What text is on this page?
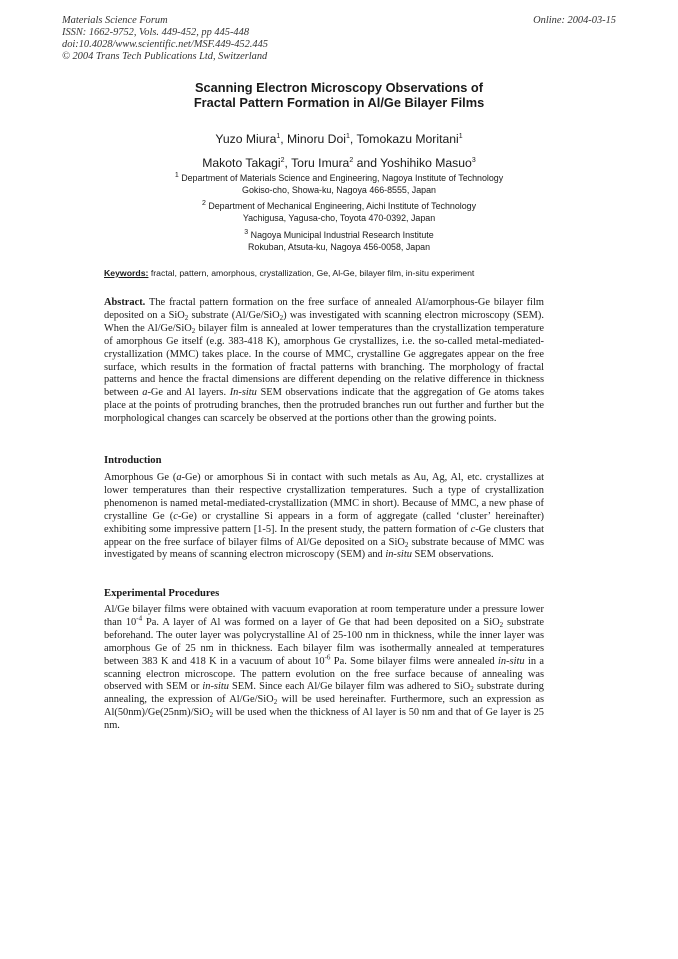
Materials Science Forum
ISSN: 1662-9752, Vols. 449-452, pp 445-448
doi:10.4028/www.scientific.net/MSF.449-452.445
© 2004 Trans Tech Publications Ltd, Switzerland
Online: 2004-03-15
Scanning Electron Microscopy Observations of
Fractal Pattern Formation in Al/Ge Bilayer Films
Yuzo Miura$^1$, Minoru Doi$^1$, Tomokazu Moritani$^1$
Makoto Takagi$^2$, Toru Imura$^2$ and Yoshihiko Masuo$^3$
$^1$ Department of Materials Science and Engineering, Nagoya Institute of Technology
Gokiso-cho, Showa-ku, Nagoya 466-8555, Japan
$^2$ Department of Mechanical Engineering, Aichi Institute of Technology
Yachigusa, Yagusa-cho, Toyota 470-0392, Japan
$^3$ Nagoya Municipal Industrial Research Institute
Rokuban, Atsuta-ku, Nagoya 456-0058, Japan
Keywords: fractal, pattern, amorphous, crystallization, Ge, Al-Ge, bilayer film, in-situ experiment
Abstract. The fractal pattern formation on the free surface of annealed Al/amorphous-Ge bilayer film deposited on a SiO$_2$ substrate (Al/Ge/SiO$_2$) was investigated with scanning electron microscopy (SEM). When the Al/Ge/SiO$_2$ bilayer film is annealed at lower temperatures than the crystallization temperature of amorphous Ge itself (e.g. 383-418 K), amorphous Ge crystallizes, i.e. the so-called metal-mediated-crystallization (MMC) takes place. In the course of MMC, crystalline Ge aggregates appear on the free surface, which results in the formation of fractal patterns with branching. The morphology of fractal patterns and hence the fractal dimensions are different depending on the relative difference in thickness between a-Ge and Al layers. In-situ SEM observations indicate that the aggregation of Ge atoms takes place at the points of protruding branches, then the protruded branches run out further and further but the morphological changes can scarcely be observed at the portions other than the growing points.
Introduction
Amorphous Ge (a-Ge) or amorphous Si in contact with such metals as Au, Ag, Al, etc. crystallizes at lower temperatures than their respective crystallization temperatures. Such a type of crystallization phenomenon is named metal-mediated-crystallization (MMC in short). Because of MMC, a new phase of crystalline Ge (c-Ge) or crystalline Si appears in a form of aggregate (called ‘cluster’ hereinafter) exhibiting some impressive pattern [1-5]. In the present study, the pattern formation of c-Ge clusters that appear on the free surface of bilayer films of Al/Ge deposited on a SiO$_2$ substrate because of MMC was investigated by means of scanning electron microscopy (SEM) and in-situ SEM observations.
Experimental Procedures
Al/Ge bilayer films were obtained with vacuum evaporation at room temperature under a pressure lower than $10^{-4}$ Pa. A layer of Al was formed on a layer of Ge that had been deposited on a SiO$_2$ substrate beforehand. The outer layer was polycrystalline Al of 25-100 nm in thickness, while the inner layer was amorphous Ge of 25 nm in thickness. Each bilayer film was isothermally annealed at temperatures between 383 K and 418 K in a vacuum of about $10^{-6}$ Pa. Some bilayer films were annealed in-situ in a scanning electron microscope. The pattern evolution on the free surface because of annealing was observed with SEM or in-situ SEM. Since each Al/Ge bilayer film was adhered to SiO$_2$ substrate during annealing, the expression of Al/Ge/SiO$_2$ will be used hereinafter. Furthermore, such an expression as Al(50nm)/Ge(25nm)/SiO$_2$ will be used when the thickness of Al layer is 50 nm and that of Ge layer is 25 nm.
